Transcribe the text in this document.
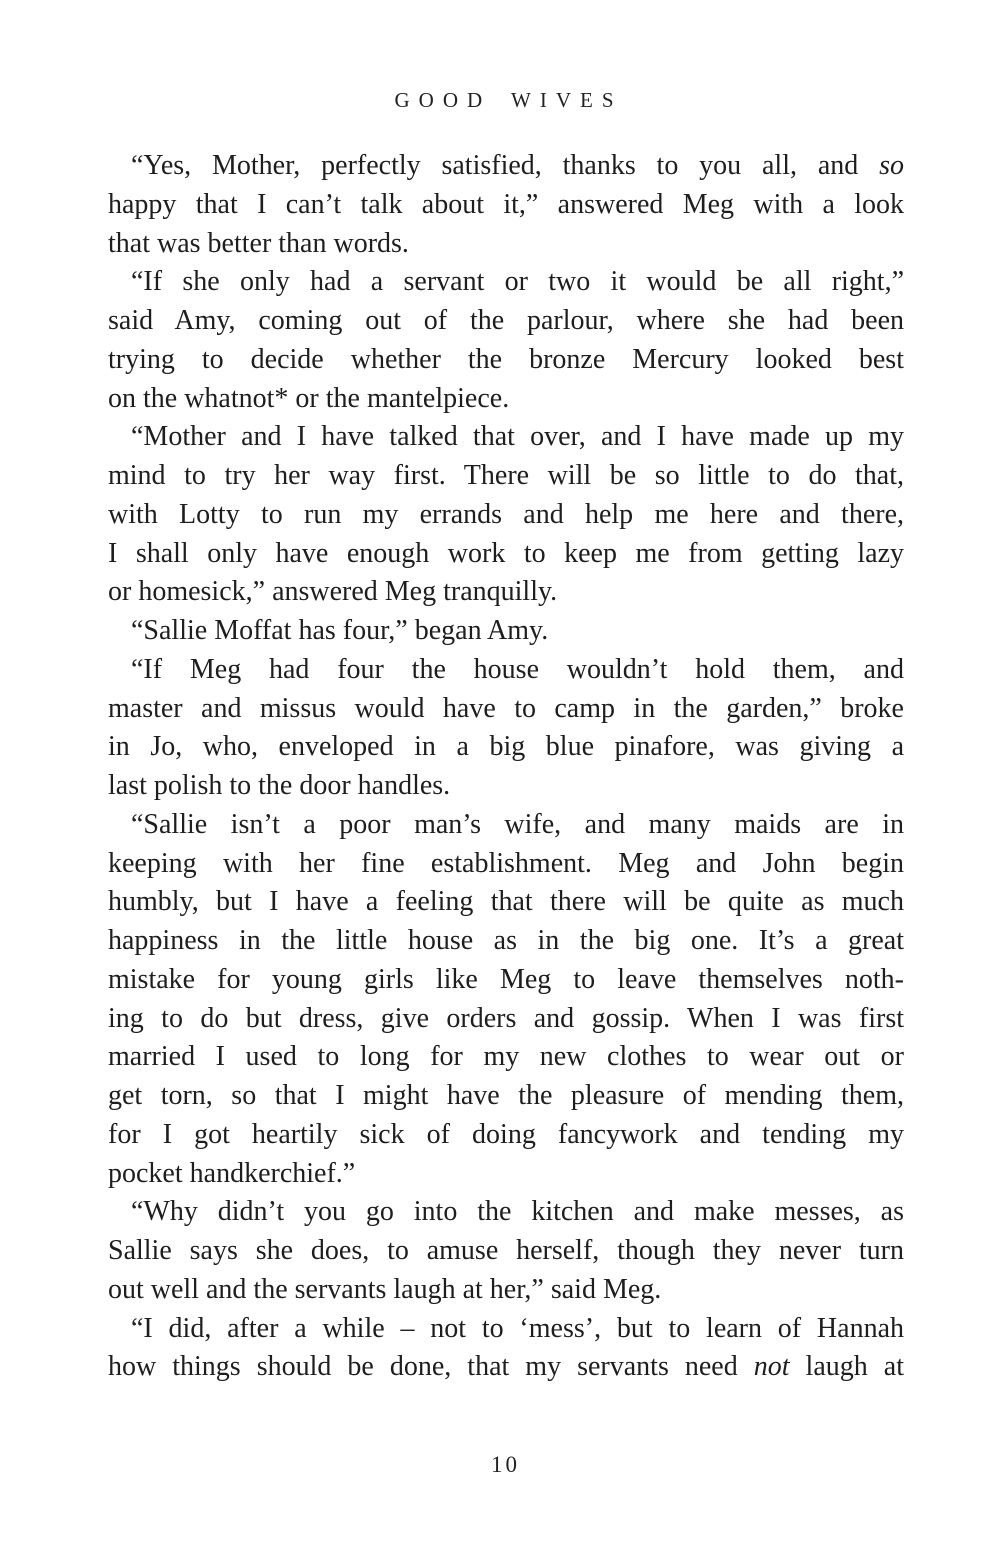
GOOD WIVES
“Yes, Mother, perfectly satisfied, thanks to you all, and so
happy that I can’t talk about it,” answered Meg with a look
that was better than words.
“If she only had a servant or two it would be all right,”
said Amy, coming out of the parlour, where she had been
trying to decide whether the bronze Mercury looked best
on the whatnot* or the mantelpiece.
“Mother and I have talked that over, and I have made up my
mind to try her way first. There will be so little to do that,
with Lotty to run my errands and help me here and there,
I shall only have enough work to keep me from getting lazy
or homesick,” answered Meg tranquilly.
“Sallie Moffat has four,” began Amy.
“If Meg had four the house wouldn’t hold them, and
master and missus would have to camp in the garden,” broke
in Jo, who, enveloped in a big blue pinafore, was giving a
last polish to the door handles.
“Sallie isn’t a poor man’s wife, and many maids are in
keeping with her fine establishment. Meg and John begin
humbly, but I have a feeling that there will be quite as much
happiness in the little house as in the big one. It’s a great
mistake for young girls like Meg to leave themselves noth-
ing to do but dress, give orders and gossip. When I was first
married I used to long for my new clothes to wear out or
get torn, so that I might have the pleasure of mending them,
for I got heartily sick of doing fancywork and tending my
pocket handkerchief.”
“Why didn’t you go into the kitchen and make messes, as
Sallie says she does, to amuse herself, though they never turn
out well and the servants laugh at her,” said Meg.
“I did, after a while – not to ‘mess’, but to learn of Hannah
how things should be done, that my servants need not laugh at
10
